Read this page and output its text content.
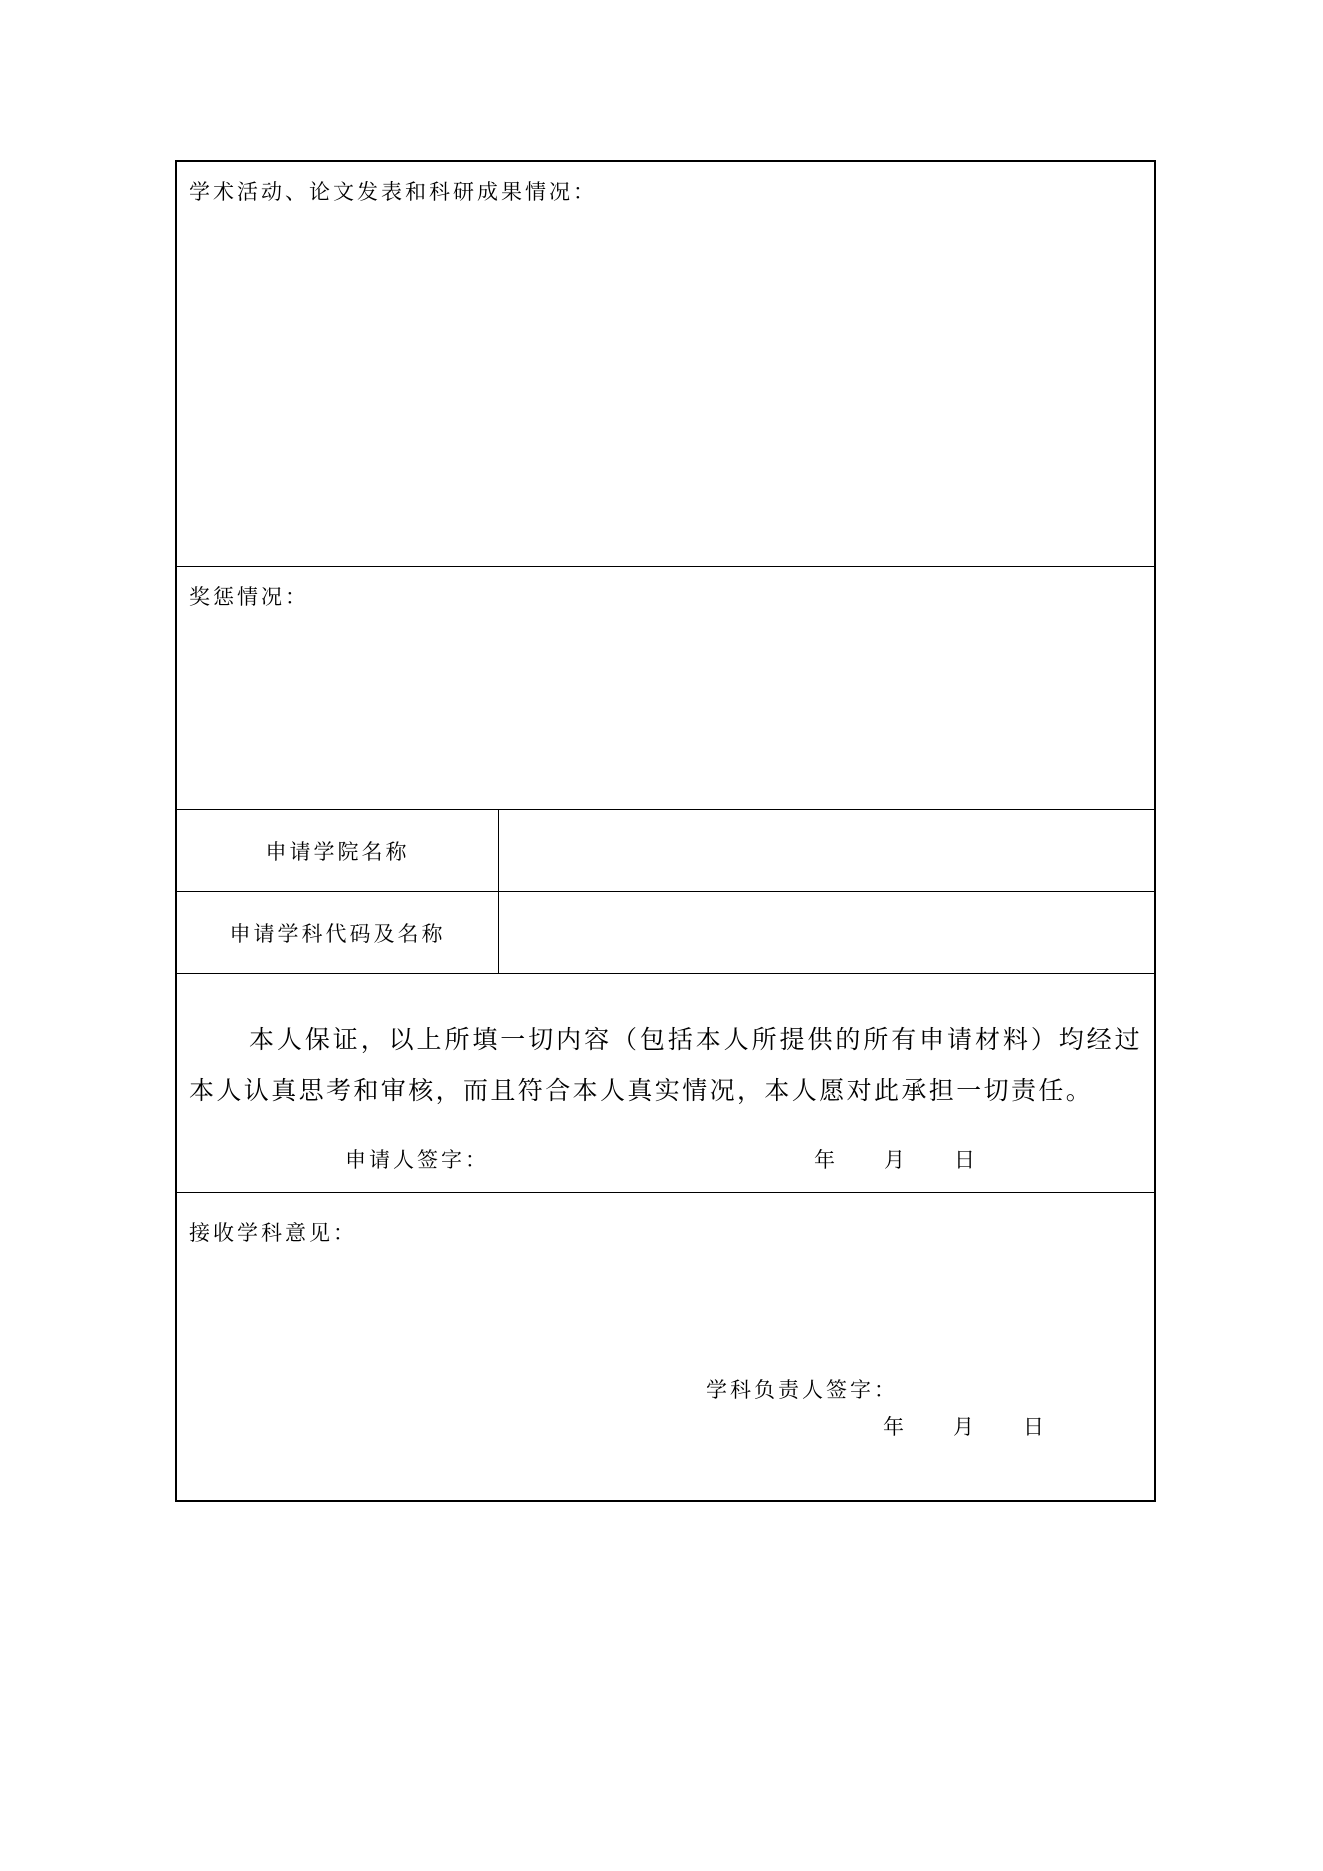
学术活动、论文发表和科研成果情况：
奖惩情况：
申请学院名称
申请学科代码及名称
本人保证，以上所填一切内容（包括本人所提供的所有申请材料）均经过本人认真思考和审核，而且符合本人真实情况，本人愿对此承担一切责任。
申请人签字：	年 月 日
接收学科意见：
学科负责人签字：
年 月 日
